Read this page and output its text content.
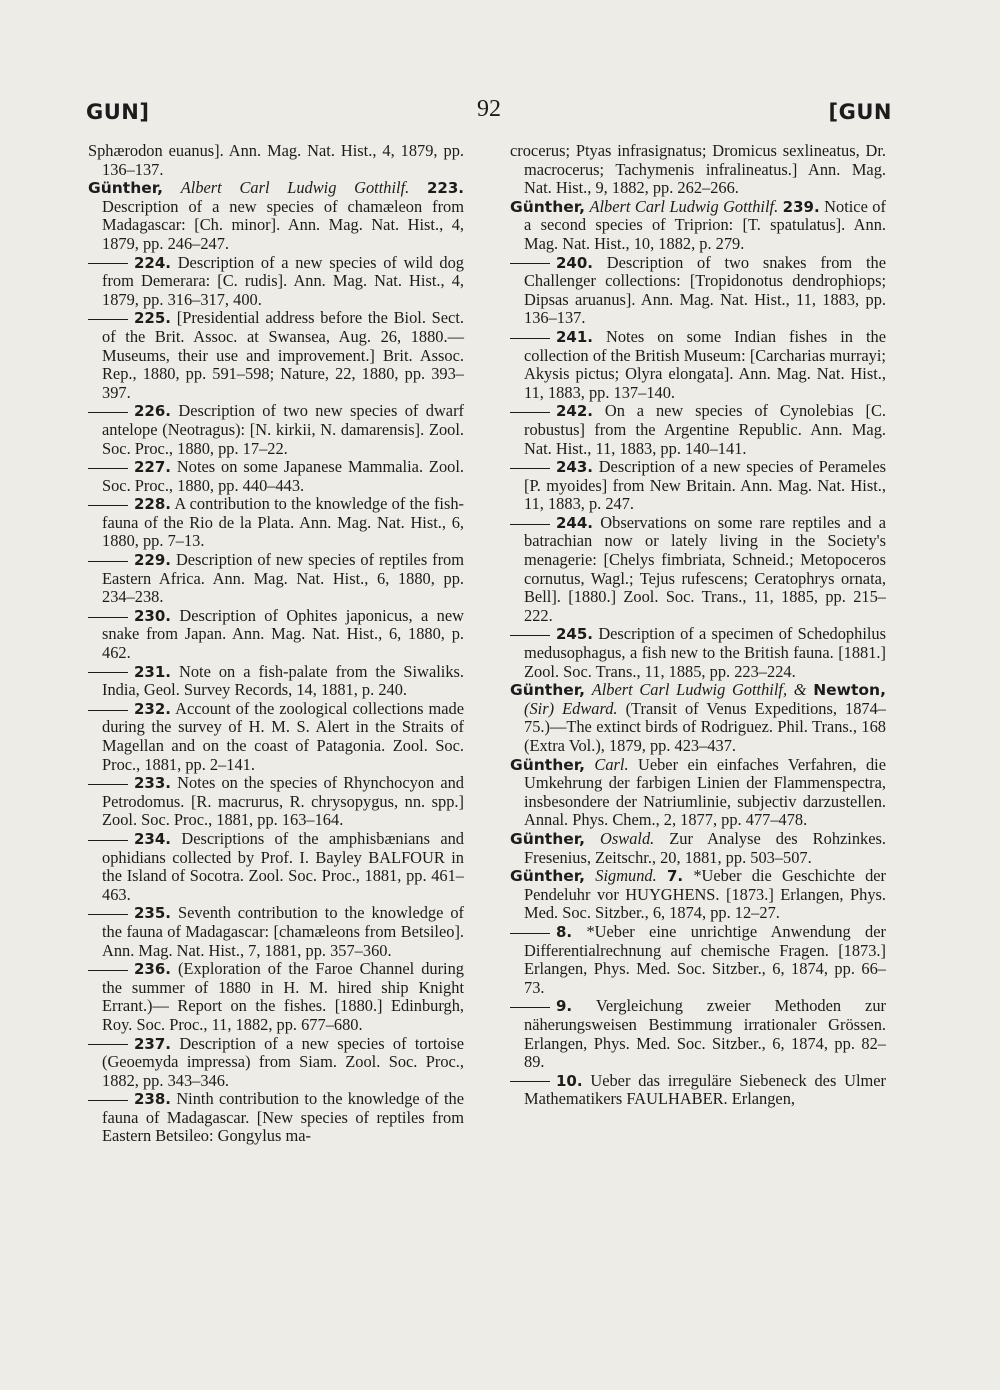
GUN]	92	[GUN
Sphærodon euanus]. Ann. Mag. Nat. Hist., 4, 1879, pp. 136–137.
Günther, Albert Carl Ludwig Gotthilf. 223. Description of a new species of chamæleon from Madagascar: [Ch. minor]. Ann. Mag. Nat. Hist., 4, 1879, pp. 246–247.
224. Description of a new species of wild dog from Demerara: [C. rudis]. Ann. Mag. Nat. Hist., 4, 1879, pp. 316–317, 400.
225. [Presidential address before the Biol. Sect. of the Brit. Assoc. at Swansea, Aug. 26, 1880.—Museums, their use and improvement.] Brit. Assoc. Rep., 1880, pp. 591–598; Nature, 22, 1880, pp. 393–397.
226. Description of two new species of dwarf antelope (Neotragus): [N. kirkii, N. damarensis]. Zool. Soc. Proc., 1880, pp. 17–22.
227. Notes on some Japanese Mammalia. Zool. Soc. Proc., 1880, pp. 440–443.
228. A contribution to the knowledge of the fish-fauna of the Rio de la Plata. Ann. Mag. Nat. Hist., 6, 1880, pp. 7–13.
229. Description of new species of reptiles from Eastern Africa. Ann. Mag. Nat. Hist., 6, 1880, pp. 234–238.
230. Description of Ophites japonicus, a new snake from Japan. Ann. Mag. Nat. Hist., 6, 1880, p. 462.
231. Note on a fish-palate from the Siwaliks. India, Geol. Survey Records, 14, 1881, p. 240.
232. Account of the zoological collections made during the survey of H. M. S. Alert in the Straits of Magellan and on the coast of Patagonia. Zool. Soc. Proc., 1881, pp. 2–141.
233. Notes on the species of Rhynchocyon and Petrodomus. [R. macrurus, R. chrysopygus, nn. spp.] Zool. Soc. Proc., 1881, pp. 163–164.
234. Descriptions of the amphisbænians and ophidians collected by Prof. I. Bayley BALFOUR in the Island of Socotra. Zool. Soc. Proc., 1881, pp. 461–463.
235. Seventh contribution to the knowledge of the fauna of Madagascar: [chamæleons from Betsileo]. Ann. Mag. Nat. Hist., 7, 1881, pp. 357–360.
236. (Exploration of the Faroe Channel during the summer of 1880 in H. M. hired ship Knight Errant.)— Report on the fishes. [1880.] Edinburgh, Roy. Soc. Proc., 11, 1882, pp. 677–680.
237. Description of a new species of tortoise (Geoemyda impressa) from Siam. Zool. Soc. Proc., 1882, pp. 343–346.
238. Ninth contribution to the knowledge of the fauna of Madagascar. [New species of reptiles from Eastern Betsileo: Gongylus ma-
crocerus; Ptyas infrasignatus; Dromicus sexlineatus, Dr. macrocerus; Tachymenis infralineatus.] Ann. Mag. Nat. Hist., 9, 1882, pp. 262–266.
Günther, Albert Carl Ludwig Gotthilf. 239. Notice of a second species of Triprion: [T. spatulatus]. Ann. Mag. Nat. Hist., 10, 1882, p. 279.
240. Description of two snakes from the Challenger collections: [Tropidonotus dendrophiops; Dipsas aruanus]. Ann. Mag. Nat. Hist., 11, 1883, pp. 136–137.
241. Notes on some Indian fishes in the collection of the British Museum: [Carcharias murrayi; Akysis pictus; Olyra elongata]. Ann. Mag. Nat. Hist., 11, 1883, pp. 137–140.
242. On a new species of Cynolebias [C. robustus] from the Argentine Republic. Ann. Mag. Nat. Hist., 11, 1883, pp. 140–141.
243. Description of a new species of Perameles [P. myoides] from New Britain. Ann. Mag. Nat. Hist., 11, 1883, p. 247.
244. Observations on some rare reptiles and a batrachian now or lately living in the Society's menagerie: [Chelys fimbriata, Schneid.; Metopoceros cornutus, Wagl.; Tejus rufescens; Ceratophrys ornata, Bell]. [1880.] Zool. Soc. Trans., 11, 1885, pp. 215–222.
245. Description of a specimen of Schedophilus medusophagus, a fish new to the British fauna. [1881.] Zool. Soc. Trans., 11, 1885, pp. 223–224.
Günther, Albert Carl Ludwig Gotthilf, & Newton, (Sir) Edward. (Transit of Venus Expeditions, 1874–75.)—The extinct birds of Rodriguez. Phil. Trans., 168 (Extra Vol.), 1879, pp. 423–437.
Günther, Carl. Ueber ein einfaches Verfahren, die Umkehrung der farbigen Linien der Flammenspectra, insbesondere der Natriumlinie, subjectiv darzustellen. Annal. Phys. Chem., 2, 1877, pp. 477–478.
Günther, Oswald. Zur Analyse des Rohzinkes. Fresenius, Zeitschr., 20, 1881, pp. 503–507.
Günther, Sigmund. 7. *Ueber die Geschichte der Pendeluhr vor HUYGHENS. [1873.] Erlangen, Phys. Med. Soc. Sitzber., 6, 1874, pp. 12–27.
8. *Ueber eine unrichtige Anwendung der Differentialrechnung auf chemische Fragen. [1873.] Erlangen, Phys. Med. Soc. Sitzber., 6, 1874, pp. 66–73.
9. Vergleichung zweier Methoden zur näherungsweisen Bestimmung irrationaler Grössen. Erlangen, Phys. Med. Soc. Sitzber., 6, 1874, pp. 82–89.
10. Ueber das irreguläre Siebeneck des Ulmer Mathematikers FAULHABER. Erlangen,
